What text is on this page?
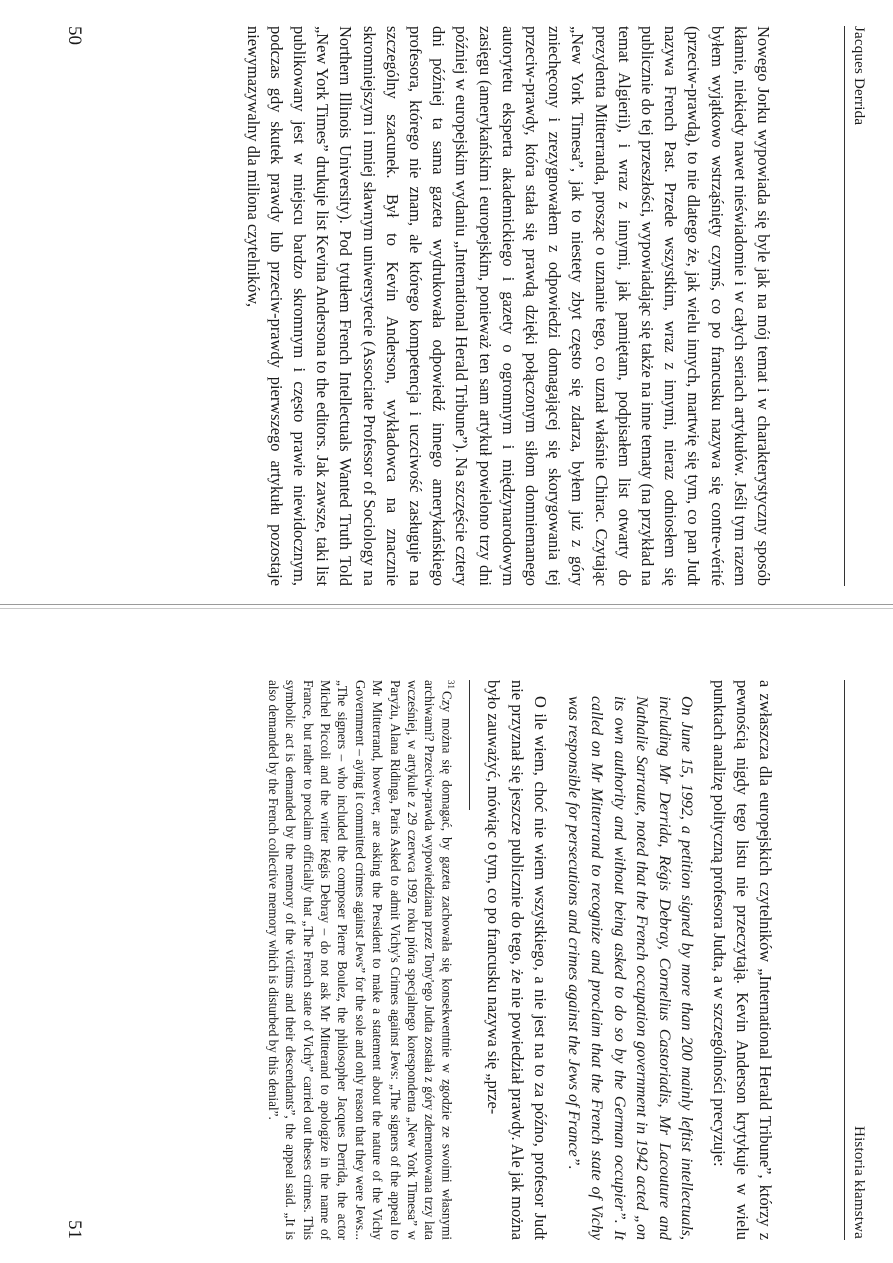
Jacques Derrida

Nowego Jorku wypowiada się byle jak na mój temat i w charakterystyczny sposób kłamie, niekiedy nawet nieświadomie i w całych seriach artykułów. Jeśli tym razem byłem wyjątkowo wstrząśnięty czymś, co po francusku nazywa się contre-vérité (przeciw-prawdą), to nie dlatego że, jak wielu innych, martwię się tym, co pan Judt nazywa French Past. Przede wszystkim, wraz z innymi, nieraz odniosłem się publicznie do tej przeszłości, wypowiadając się także na inne tematy (na przykład na temat Algierii), i wraz z innymi, jak pamiętam, podpisałem list otwarty do prezydenta Mitterranda, prosząc o uznanie tego, co uznał właśnie Chirac. Czytając „New York Timesa”, jak to niestety zbyt często się zdarza, byłem już z góry zniechęcony i zrezygnowałem z odpowiedzi domagającej się skorygowania tej przeciw-prawdy, która stała się prawdą dzięki połączonym siłom domniemanego autorytetu eksperta akademickiego i gazety o ogromnym i międzynarodowym zasięgu (amerykańskim i europejskim, ponieważ ten sam artykuł powielono trzy dni później w europejskim wydaniu „International Herald Tribune”). Na szczęście cztery dni później ta sama gazeta wydrukowała odpowiedź innego amerykańskiego profesora, którego nie znam, ale którego kompetencja i uczciwość zasługuje na szczególny szacunek. Był to Kevin Anderson, wykładowca na znacznie skromniejszym i mniej sławnym uniwersytecie (Associate Professor of Sociology na Northern Illinois University). Pod tytułem French Intellectuals Wanted Truth Told „New York Times” drukuje list Kevina Andersona to the editors. Jak zawsze, taki list publikowany jest w miejscu bardzo skromnym i często prawie niewidocznym, podczas gdy skutek prawdy lub przeciw-prawdy pierwszego artykułu pozostaje niewymazywalny dla miliona czytelników,

50
Historia kłamstwa

a zwłaszcza dla europejskich czytelników „International Herald Tribune”, którzy z pewnością nigdy tego listu nie przeczytają. Kevin Anderson krytykuje w wielu punktach analizę polityczną profesora Judta, a w szczególności precyzuje:

On June 15, 1992, a petition signed by more than 200 mainly leftist intellectuals, including Mr Derrida, Régis Debray, Cornelius Castoriadis, Mr Lacouture and Nathalie Sarraute, noted that the French occupation government in 1942 acted „on its own authority and without being asked to do so by the German occupier”. It called on Mr Mitterrand to recognize and proclaim that the French state of Vichy was responsible for persecutions and crimes against the Jews of France”.

O ile wiem, choć nie wiem wszystkiego, a nie jest na to za późno, profesor Judt nie przyznał się jeszcze publicznie do tego, że nie powiedział prawdy. Ale jak można było zauważyć, mówiąc o tym, co po francusku nazywa się „prze-

$^{31}$Czy można się domagać, by gazeta zachowała się konsekwentnie w zgodzie ze swoimi własnymi archiwami? Przeciw-prawda wypowiedziana przez Tony'ego Judta została z góry zdementowana trzy lata wcześniej, w artykule z 29 czerwca 1992 roku pióra specjalnego korespondenta „New York Timesa” w Paryżu, Alana Ridinga, Paris Asked to admit Vichy's Crimes against Jews: „The signers of the appeal to Mr Mitterrand, however, are asking the President to make a statement about the nature of the Vichy Government – aying it committed crimes against Jews” for the sole and only reason that they were Jews... „The signers – who included the composer Pierre Boulez, the philosopher Jacques Derrida, the actor Michel Piccoli and the writer Régis Debray – do not ask Mr Mitterand to apologize in the name of France, but rather to proclaim officially that „The French state of Vichy” carried out theses crimes. This symbolic act is demanded by the memory of the victims and their descendants”, the appeal said. „It is also demanded by the French collective memory which is disturbed by this denial”.

51
